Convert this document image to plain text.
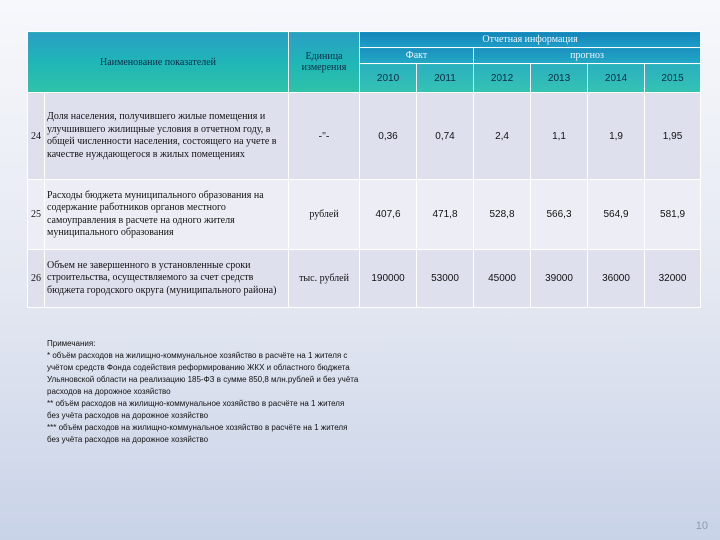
Наименование показателей		Единица измерения	Отчетная информация					
			Факт		прогноз			
			2010	2011	2012	2013	2014	2015
24	Доля населения, получившего жилые помещения и улучшившего жилищные условия в отчетном году, в общей численности населения, состоящего на учете в качестве нуждающегося в жилых помещениях	-"-	0,36	0,74	2,4	1,1	1,9	1,95
25	Расходы бюджета муниципального образования на содержание работников органов местного самоуправления в расчете на одного жителя муниципального образования	рублей	407,6	471,8	528,8	566,3	564,9	581,9
26	Объем не завершенного в установленные сроки строительства, осуществляемого за счет средств бюджета городского округа (муниципального района)	тыс. рублей	190000	53000	45000	39000	36000	32000
Примечания:
* объём расходов на жилищно-коммунальное хозяйство в расчёте на 1 жителя с
учётом средств Фонда содействия реформированию ЖКХ и областного бюджета
Ульяновской области на реализацию 185-ФЗ в сумме 850,8 млн.рублей и без учёта
расходов на дорожное хозяйство
** объём расходов на жилищно-коммунальное хозяйство в расчёте на 1 жителя
без учёта расходов на дорожное хозяйство
*** объём расходов на жилищно-коммунальное хозяйство в расчёте на 1 жителя
без учёта расходов на дорожное хозяйство
10
